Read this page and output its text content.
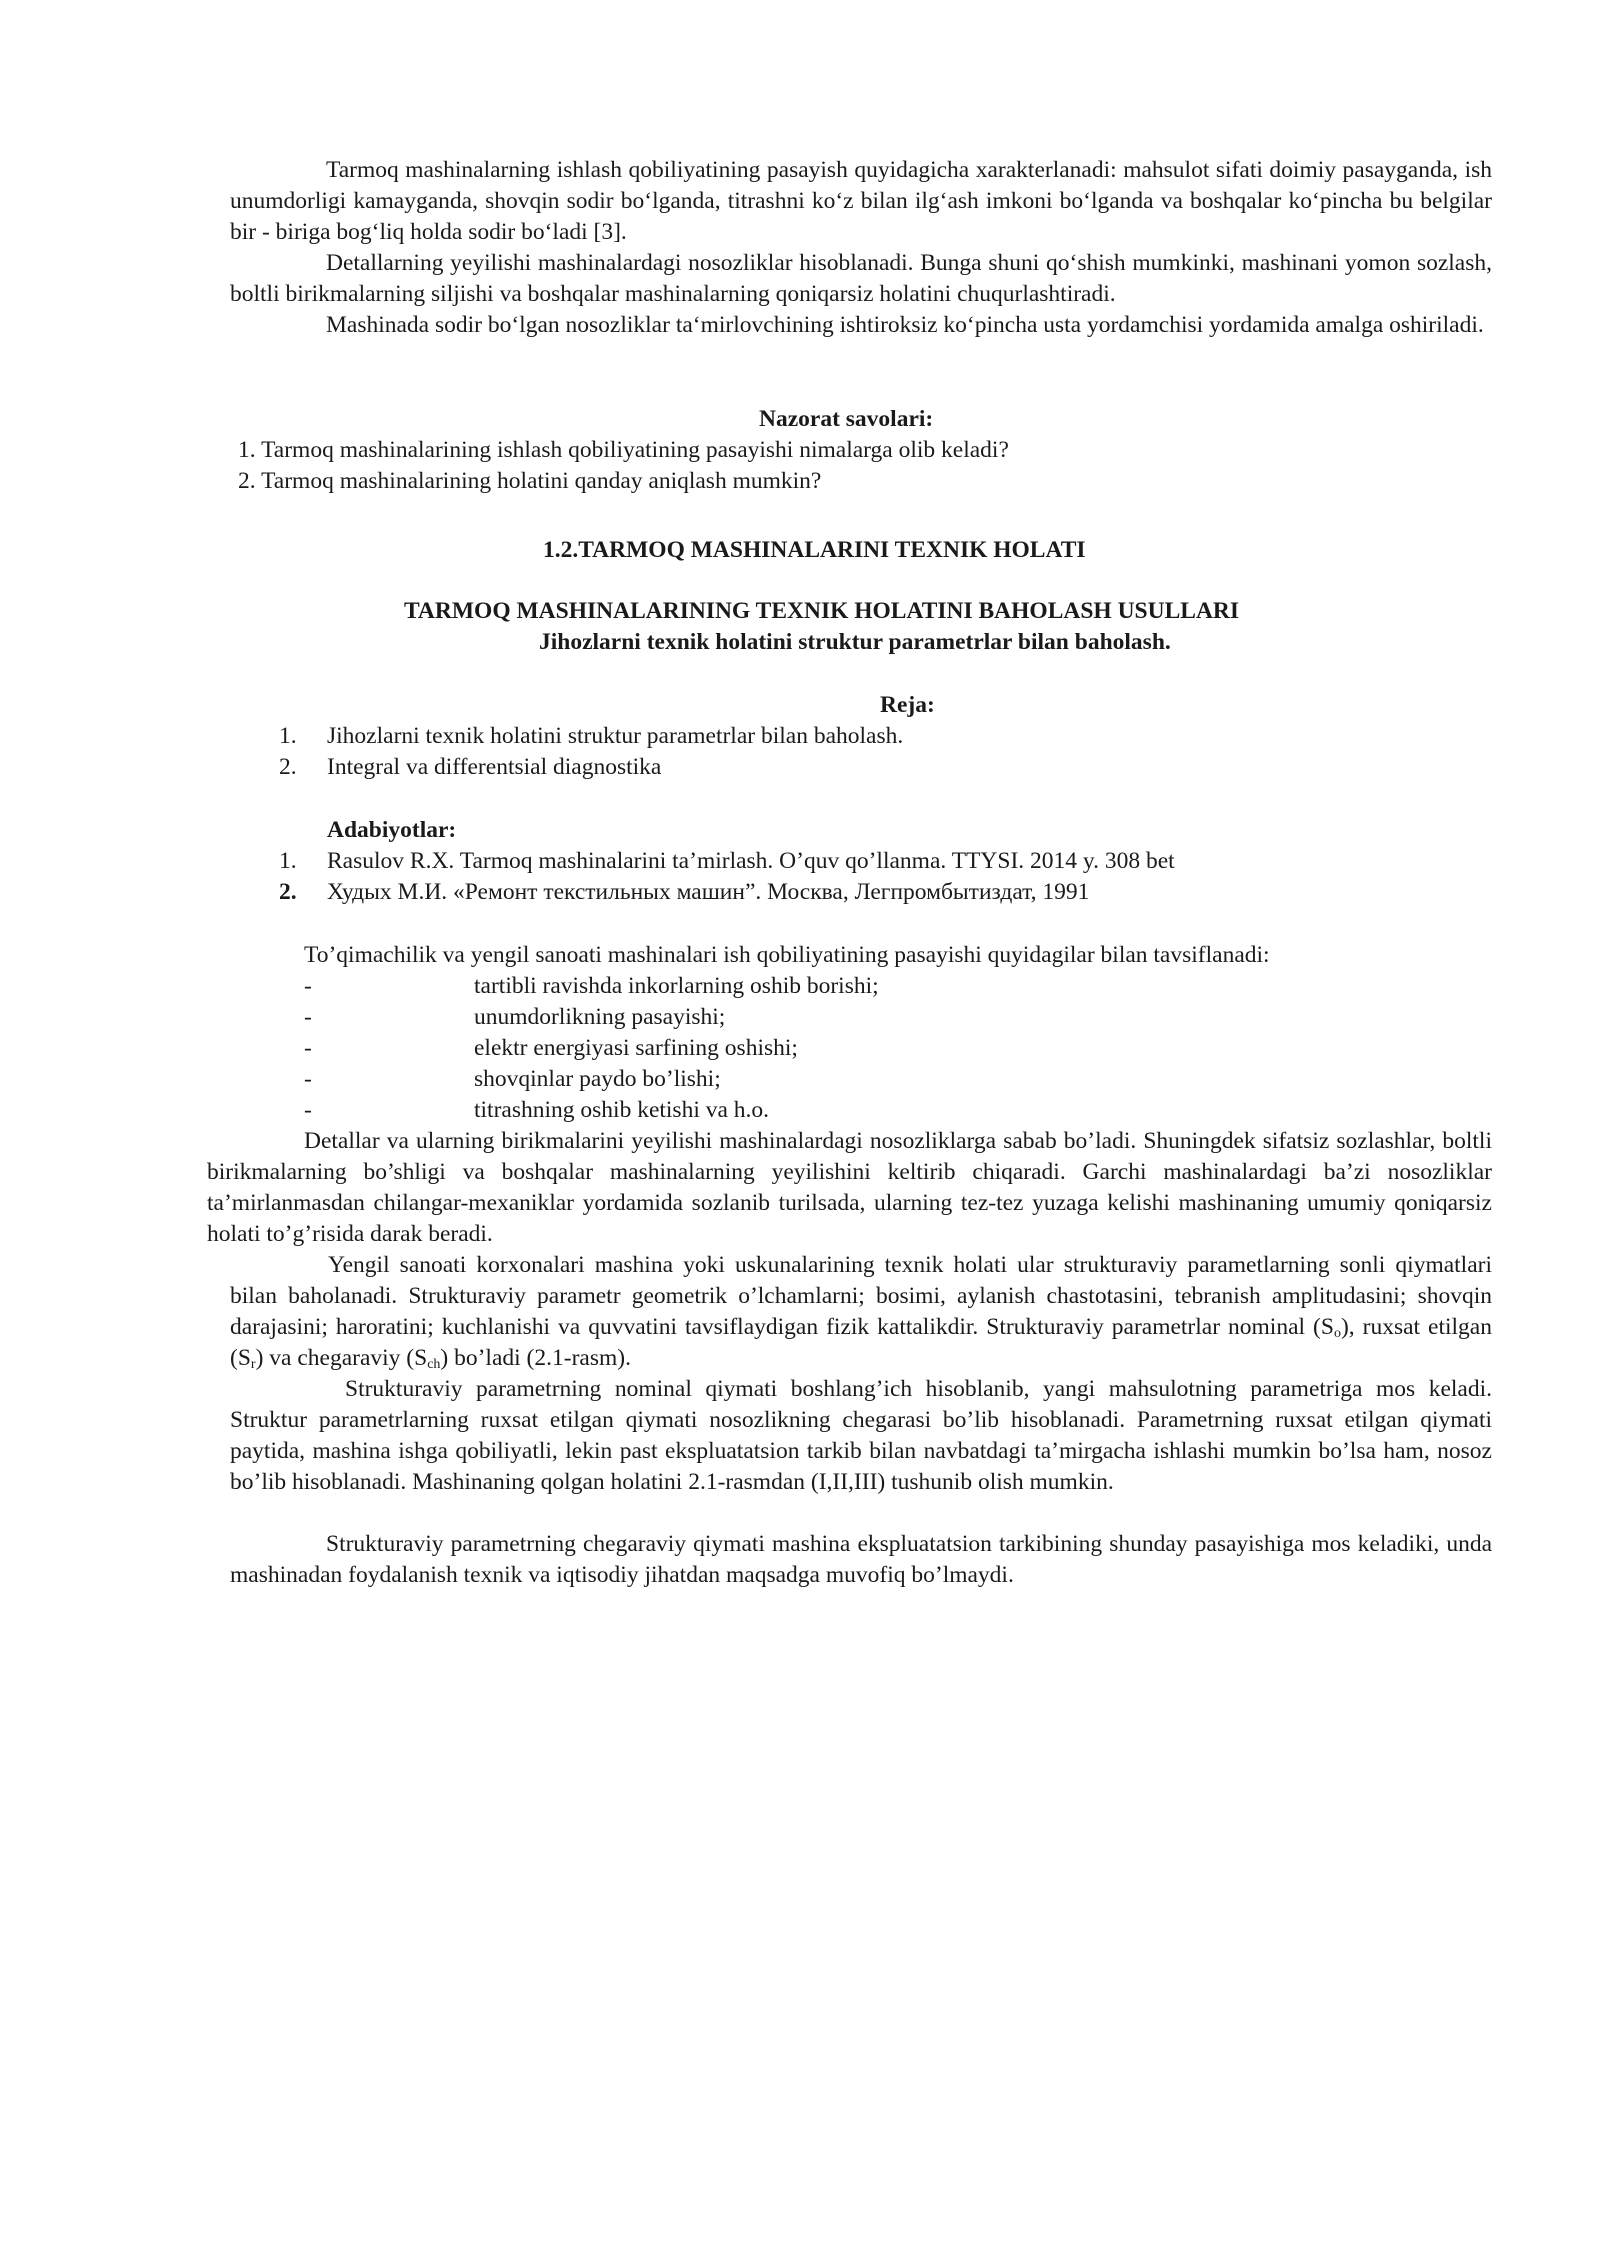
Tarmoq mashinalarning ishlash qobiliyatining pasayish quyidagicha xarakterlanadi: mahsulot sifati doimiy pasayganda, ish unumdorligi kamayganda, shovqin sodir bo‘lganda, titrashni ko‘z bilan ilg‘ash imkoni bo‘lganda va boshqalar ko‘pincha bu belgilar bir - biriga bog‘liq holda sodir bo‘ladi [3].

Detallarning yeyilishi mashinalardagi nosozliklar hisoblanadi. Bunga shuni qo‘shish mumkinki, mashinani yomon sozlash, boltli birikmalarning siljishi va boshqalar mashinalarning qoniqarsiz holatini chuqurlashtiradi.

Mashinada sodir bo‘lgan nosozliklar ta‘mirlovchining ishtiroksiz ko‘pincha usta yordamchisi yordamida amalga oshiriladi.

Nazorat savolari:
1. Tarmoq mashinalarining ishlash qobiliyatining pasayishi nimalarga olib keladi?
2. Tarmoq mashinalarining holatini qanday aniqlash mumkin?
1.2.TARMOQ MASHINALARINI TEXNIK HOLATI
TARMOQ MASHINALARINING TEXNIK HOLATINI BAHOLASH USULLARI
Jihozlarni texnik holatini struktur parametrlar bilan baholash.
Reja:
1. Jihozlarni texnik holatini struktur parametrlar bilan baholash.
2. Integral va differentsial diagnostika
Adabiyotlar:
1. Rasulov R.X. Tarmoq mashinalarini ta’mirlash. O’quv qo’llanma. TTYSI. 2014 y. 308 bet
2. Худых М.И. «Ремонт текстильных машин”. Москва, Легпромбытиздат, 1991
To’qimachilik va yengil sanoati mashinalari ish qobiliyatining pasayishi quyidagilar bilan tavsiflanadi:
-	tartibli ravishda inkorlarning oshib borishi;
-	unumdorlikning pasayishi;
-	elektr energiyasi sarfining oshishi;
-	shovqinlar paydo bo’lishi;
-	titrashning oshib ketishi va h.o.

Detallar va ularning birikmalarini yeyilishi mashinalardagi nosozliklarga sabab bo’ladi. Shuningdek sifatsiz sozlashlar, boltli birikmalarning bo’shligi va boshqalar mashinalarning yeyilishini keltirib chiqaradi. Garchi mashinalardagi ba’zi nosozliklar ta’mirlanmasdan chilangar-mexaniklar yordamida sozlanib turilsada, ularning tez-tez yuzaga kelishi mashinaning umumiy qoniqarsiz holati to’g’risida darak beradi.

Yengil sanoati korxonalari mashina yoki uskunalarining texnik holati ular strukturaviy parametlarning sonli qiymatlari bilan baholanadi. Strukturaviy parametr geometrik o’lchamlarni; bosimi, aylanish chastotasini, tebranish amplitudasini; shovqin darajasini; haroratini; kuchlanishi va quvvatini tavsiflaydigan fizik kattalikdir. Strukturaviy parametrlar nominal $(S_o)$, ruxsat etilgan $(S_r)$ va chegaraviy $(S_{ch})$ bo’ladi (2.1-rasm).

Strukturaviy parametrning nominal qiymati boshlang’ich hisoblanib, yangi mahsulotning parametriga mos keladi. Struktur parametrlarning ruxsat etilgan qiymati nosozlikning chegarasi bo’lib hisoblanadi. Parametrning ruxsat etilgan qiymati paytida, mashina ishga qobiliyatli, lekin past ekspluatatsion tarkib bilan navbatdagi ta’mirgacha ishlashi mumkin bo’lsa ham, nosoz bo’lib hisoblanadi. Mashinaning qolgan holatini 2.1-rasmdan (I,II,III) tushunib olish mumkin.

Strukturaviy parametrning chegaraviy qiymati mashina ekspluatatsion tarkibining shunday pasayishiga mos keladiki, unda mashinadan foydalanish texnik va iqtisodiy jihatdan maqsadga muvofiq bo’lmaydi.
